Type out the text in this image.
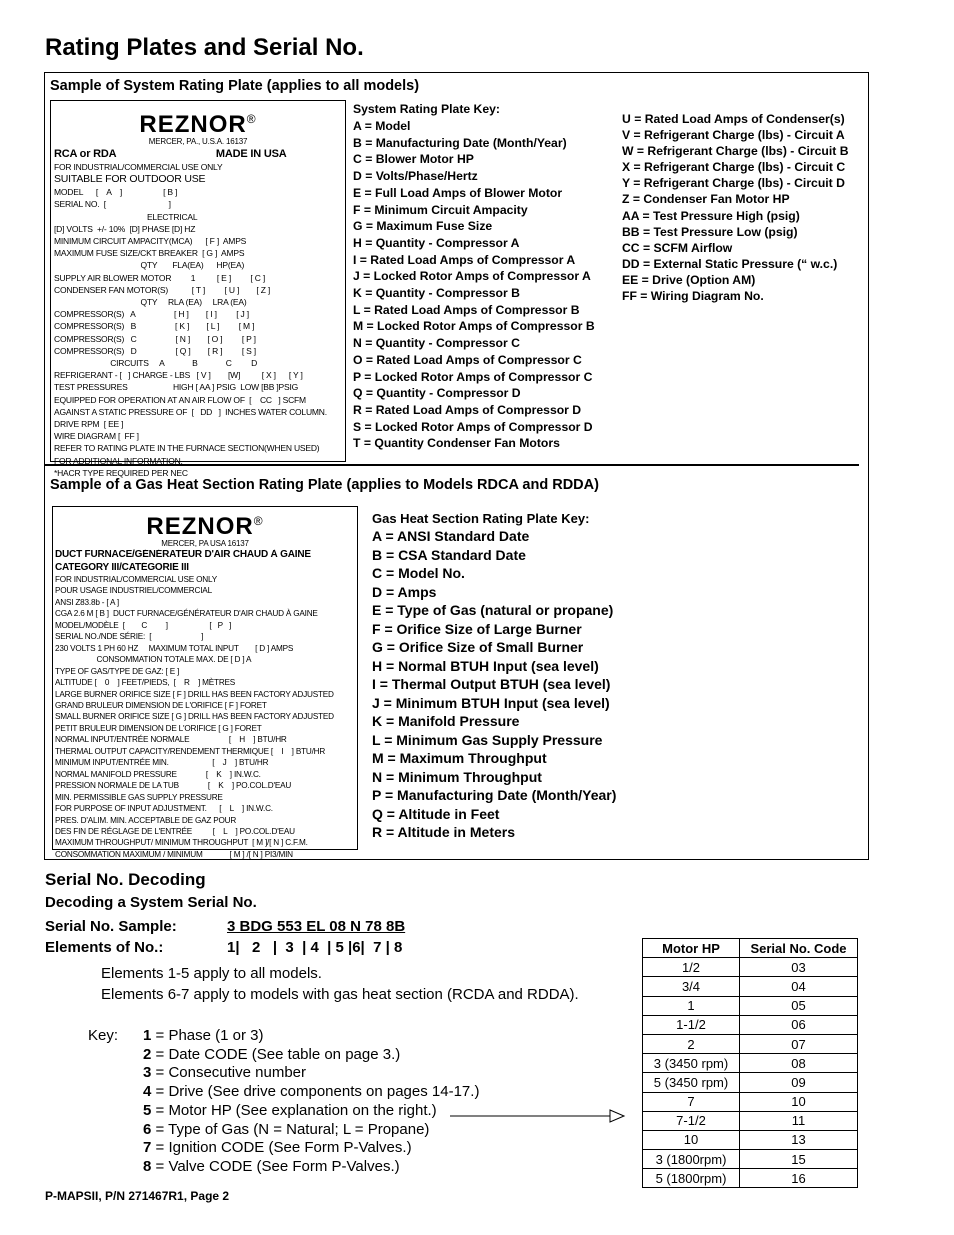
Rating Plates and Serial No.
Sample of System Rating Plate (applies to all models)
REZNOR®
MERCER, PA., U.S.A. 16137
RCA or RDA                                   MADE IN USA
FOR INDUSTRIAL/COMMERCIAL USE ONLY
SUITABLE FOR OUTDOOR USE
MODEL      [    A    ]                   [ B ]
SERIAL NO.  [                             ]
ELECTRICAL
[D] VOLTS  +/- 10%  [D] PHASE [D] HZ
MINIMUM CIRCUIT AMPACITY(MCA)      [ F ]  AMPS
MAXIMUM FUSE SIZE/CKT BREAKER  [ G ]  AMPS
QTY       FLA(EA)      HP(EA)
SUPPLY AIR BLOWER MOTOR         1          [ E ]         [ C ]
CONDENSER FAN MOTOR(S)           [ T ]         [ U ]        [ Z ]
QTY     RLA (EA)     LRA (EA)
COMPRESSOR(S)   A                  [ H ]        [ I ]         [ J ]
COMPRESSOR(S)   B                  [ K ]        [ L ]         [ M ]
COMPRESSOR(S)   C                  [ N ]        [ O ]         [ P ]
COMPRESSOR(S)   D                  [ Q ]        [ R ]         [ S ]
CIRCUITS     A             B             C         D
REFRIGERANT - [   ] CHARGE - LBS   [ V ]        [W]          [ X ]      [ Y ]
TEST PRESSURES                     HIGH [ AA ] PSIG  LOW [BB ]PSIG
EQUIPPED FOR OPERATION AT AN AIR FLOW OF  [    CC   ] SCFM
AGAINST A STATIC PRESSURE OF  [   DD   ]  INCHES WATER COLUMN.
DRIVE RPM  [ EE ]
WIRE DIAGRAM [  FF ]
REFER TO RATING PLATE IN THE FURNACE SECTION(WHEN USED)
FOR ADDITIONAL INFORMATION.
*HACR TYPE REQUIRED PER NEC
System Rating Plate Key:
A = Model
B = Manufacturing Date (Month/Year)
C = Blower Motor HP
D = Volts/Phase/Hertz
E = Full Load Amps of Blower Motor
F = Minimum Circuit Ampacity
G = Maximum Fuse Size
H = Quantity - Compressor A
I = Rated Load Amps of Compressor A
J = Locked Rotor Amps of Compressor A
K = Quantity - Compressor B
L = Rated Load Amps of Compressor B
M = Locked Rotor Amps of Compressor B
N = Quantity - Compressor C
O = Rated Load Amps of Compressor C
P = Locked Rotor Amps of Compressor C
Q = Quantity - Compressor D
R = Rated Load Amps of Compressor D
S = Locked Rotor Amps of Compressor D
T = Quantity Condenser Fan Motors
U = Rated Load Amps of Condenser(s)
V = Refrigerant Charge (lbs) - Circuit A
W = Refrigerant Charge (lbs) - Circuit B
X = Refrigerant Charge (lbs) - Circuit C
Y = Refrigerant Charge (lbs) - Circuit D
Z = Condenser Fan Motor HP
AA = Test Pressure High (psig)
BB = Test Pressure Low (psig)
CC = SCFM Airflow
DD = External Static Pressure (“ w.c.)
EE = Drive (Option AM)
FF = Wiring Diagram No.
Sample of a Gas Heat Section Rating Plate (applies to Models RDCA and RDDA)
REZNOR®
MERCER, PA USA 16137
DUCT FURNACE/GÉNÉRATEUR D'AIR CHAUD À GAINE
CATEGORY III/CATÉGORIE III
FOR INDUSTRIAL/COMMERCIAL USE ONLY
POUR USAGE INDUSTRIEL/COMMERCIAL
ANSI Z83.8b - [ A ]
CGA 2.6 M [ B ]  DUCT FURNACE/GÉNÉRATEUR D'AIR CHAUD À GAINE
MODEL/MODÈLE  [        C         ]                    [   P   ]
SERIAL NO./NDE SÉRIE:  [                        ]
230 VOLTS 1 PH 60 HZ     MAXIMUM TOTAL INPUT        [ D ] AMPS
CONSOMMATION TOTALE MAX. DE [ D ] A
TYPE OF GAS/TYPE DE GAZ: [ E ]
ALTITUDE [    0    ] FEET/PIEDS,  [    R    ] MÈTRES
LARGE BURNER ORIFICE SIZE [ F ] DRILL HAS BEEN FACTORY ADJUSTED
GRAND BRULEUR DIMENSION DE L'ORIFICE [ F ] FORET
SMALL BURNER ORIFICE SIZE [ G ] DRILL HAS BEEN FACTORY ADJUSTED
PETIT BRULEUR DIMENSION DE L'ORIFICE [ G ] FORET
NORMAL INPUT/ENTRÉE NORMALE                   [    H    ] BTU/HR
THERMAL OUTPUT CAPACITY/RENDEMENT THERMIQUE [    I    ] BTU/HR
MINIMUM INPUT/ENTRÉE MIN.                     [    J    ] BTU/HR
NORMAL MANIFOLD PRESSURE              [    K    ] IN.W.C.
PRESSION NORMALE DE LA TUB              [    K    ] PO.COL.D'EAU
MIN. PERMISSIBLE GAS SUPPLY PRESSURE
FOR PURPOSE OF INPUT ADJUSTMENT.      [    L    ] IN.W.C.
PRES. D'ALIM. MIN. ACCEPTABLE DE GAZ POUR
DES FIN DE RÉGLAGE DE L'ENTRÉE          [    L    ] PO.COL.D'EAU
MAXIMUM THROUGHPUT/ MINIMUM THROUGHPUT  [ M ]/[ N ] C.F.M.
CONSOMMATION MAXIMUM / MINIMUM             [ M ] /[ N ] PI3/MIN
Gas Heat Section Rating Plate Key:
A = ANSI Standard Date
B = CSA Standard Date
C = Model No.
D = Amps
E = Type of Gas (natural or propane)
F = Orifice Size of Large Burner
G = Orifice Size of Small Burner
H = Normal BTUH Input (sea level)
I = Thermal Output BTUH (sea level)
J = Minimum BTUH Input (sea level)
K = Manifold Pressure
L = Minimum Gas Supply Pressure
M = Maximum Throughput
N = Minimum Throughput
P = Manufacturing Date (Month/Year)
Q = Altitude in Feet
R = Altitude in Meters
Serial No. Decoding
Decoding a System Serial No.
Serial No. Sample:	3 BDG 553 EL 08 N 78 8B
Elements of No.:	1|   2   |  3  | 4  | 5 |6|  7 | 8
Elements 1-5 apply to all models.
Elements 6-7 apply to models with gas heat section (RCDA and RDDA).
Key: 1 = Phase (1 or 3)
2 = Date CODE (See table on page 3.)
3 = Consecutive number
4 = Drive (See drive components on pages 14-17.)
5 = Motor HP (See explanation on the right.)
6 = Type of Gas (N = Natural; L = Propane)
7 = Ignition CODE (See Form P-Valves.)
8 = Valve CODE (See Form P-Valves.)
Motor HP	Serial No. Code
1/2	03
3/4	04
1	05
1-1/2	06
2	07
3 (3450 rpm)	08
5 (3450 rpm)	09
7	10
7-1/2	11
10	13
3 (1800rpm)	15
5 (1800rpm)	16
P-MAPSII, P/N 271467R1, Page 2
